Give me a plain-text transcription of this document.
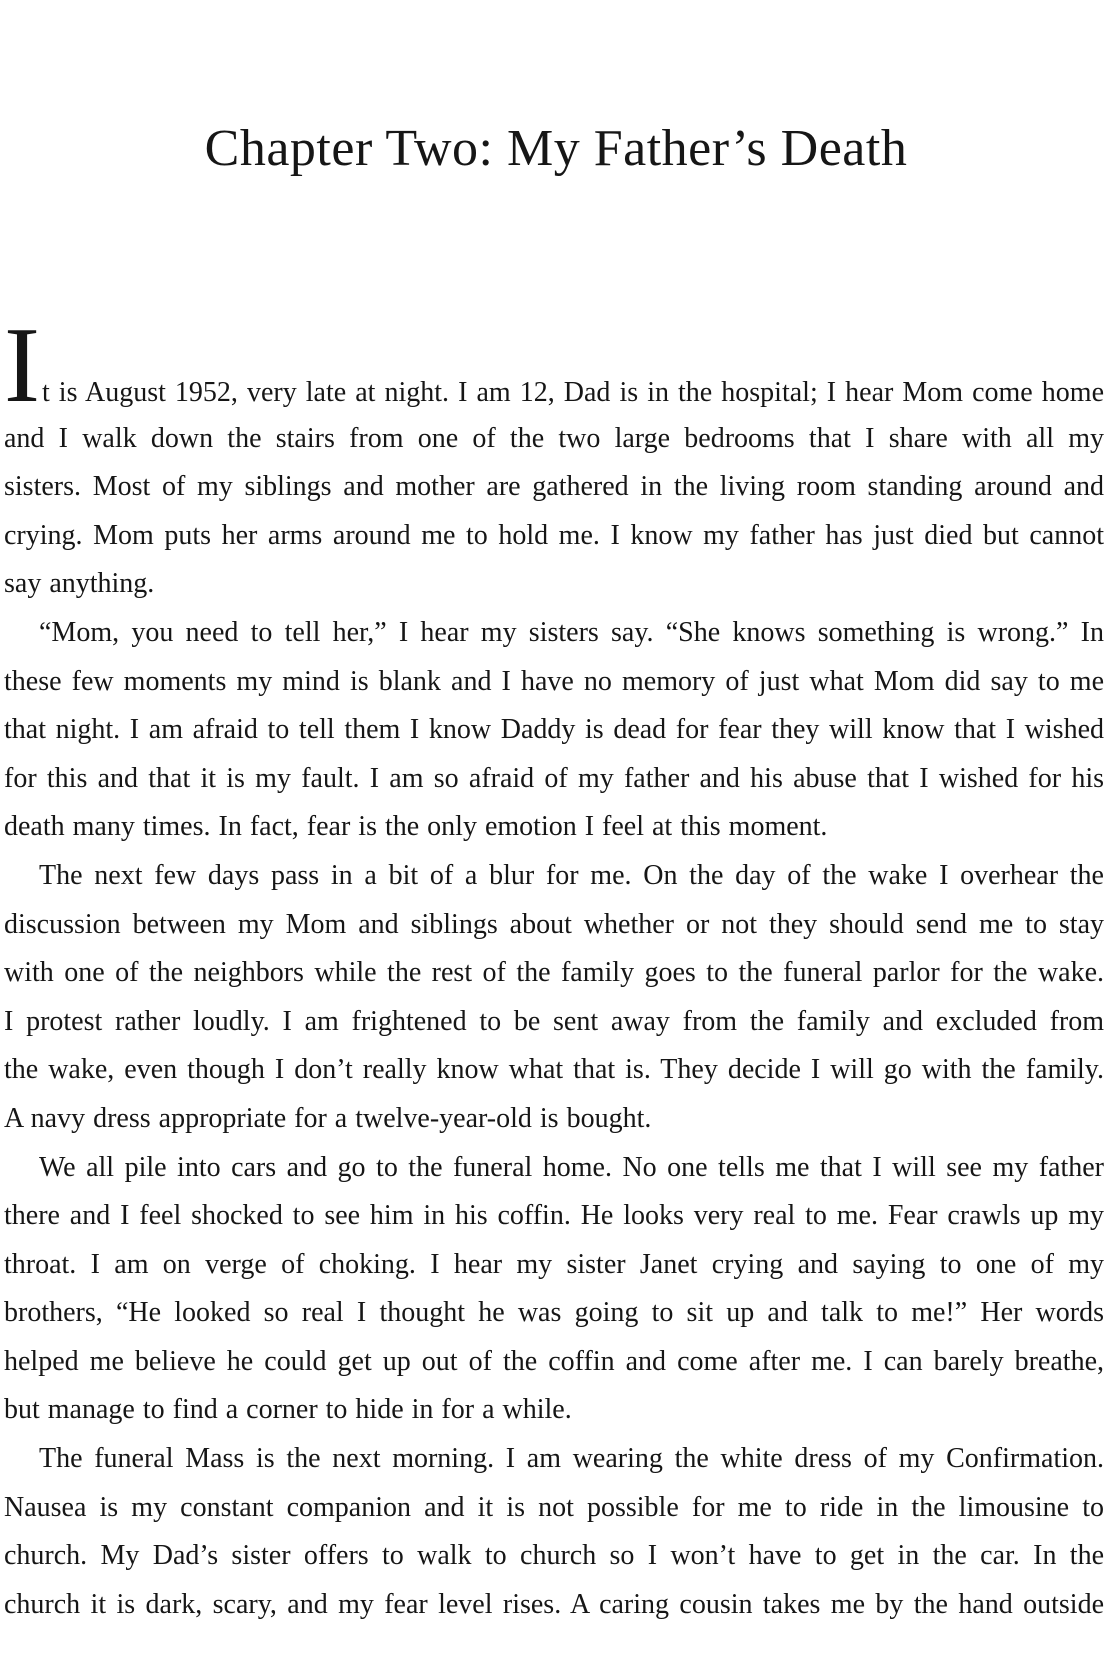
Chapter Two: My Father’s Death
It is August 1952, very late at night. I am 12, Dad is in the hospital; I hear Mom come home
and I walk down the stairs from one of the two large bedrooms that I share with all my
sisters. Most of my siblings and mother are gathered in the living room standing around and
crying. Mom puts her arms around me to hold me. I know my father has just died but cannot
say anything.
“Mom, you need to tell her,” I hear my sisters say. “She knows something is wrong.” In
these few moments my mind is blank and I have no memory of just what Mom did say to me
that night. I am afraid to tell them I know Daddy is dead for fear they will know that I wished
for this and that it is my fault. I am so afraid of my father and his abuse that I wished for his
death many times. In fact, fear is the only emotion I feel at this moment.
The next few days pass in a bit of a blur for me. On the day of the wake I overhear the
discussion between my Mom and siblings about whether or not they should send me to stay
with one of the neighbors while the rest of the family goes to the funeral parlor for the wake.
I protest rather loudly. I am frightened to be sent away from the family and excluded from
the wake, even though I don’t really know what that is. They decide I will go with the family.
A navy dress appropriate for a twelve-year-old is bought.
We all pile into cars and go to the funeral home. No one tells me that I will see my father
there and I feel shocked to see him in his coffin. He looks very real to me. Fear crawls up my
throat. I am on verge of choking. I hear my sister Janet crying and saying to one of my
brothers, “He looked so real I thought he was going to sit up and talk to me!” Her words
helped me believe he could get up out of the coffin and come after me. I can barely breathe,
but manage to find a corner to hide in for a while.
The funeral Mass is the next morning. I am wearing the white dress of my Confirmation.
Nausea is my constant companion and it is not possible for me to ride in the limousine to
church. My Dad’s sister offers to walk to church so I won’t have to get in the car. In the
church it is dark, scary, and my fear level rises. A caring cousin takes me by the hand outside
